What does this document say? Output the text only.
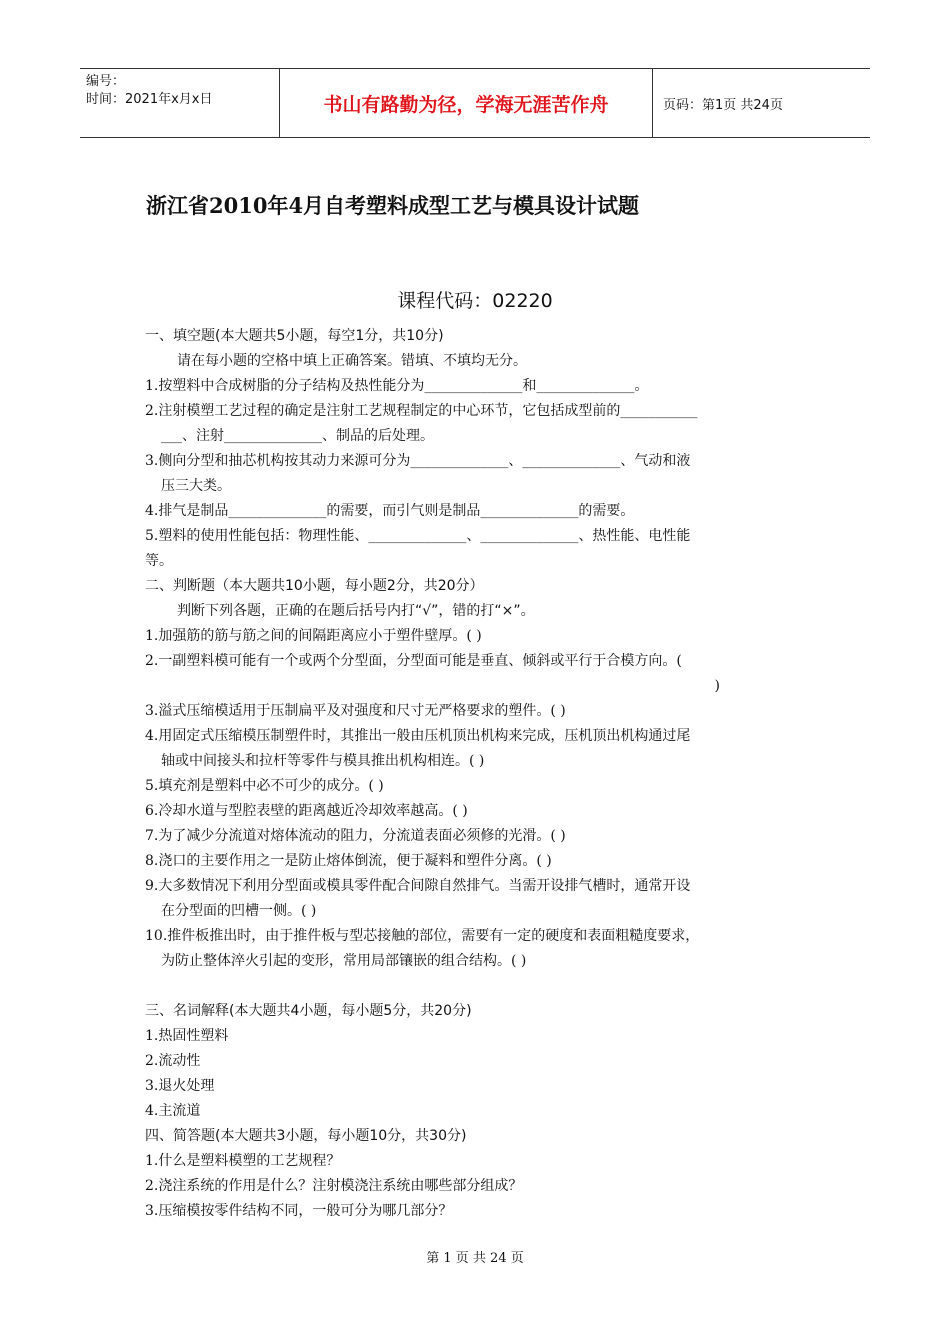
编号：
时间：2021年x月x日	书山有路勤为径，学海无涯苦作舟	页码：第1页 共24页
浙江省2010年4月自考塑料成型工艺与模具设计试题
课程代码：02220
一、填空题(本大题共5小题，每空1分，共10分)
请在每小题的空格中填上正确答案。错填、不填均无分。
1.按塑料中合成树脂的分子结构及热性能分为______________和______________。
2.注射模塑工艺过程的确定是注射工艺规程制定的中心环节，它包括成型前的___________
___、注射______________、制品的后处理。
3.侧向分型和抽芯机构按其动力来源可分为______________、______________、气动和液
压三大类。
4.排气是制品______________的需要，而引气则是制品______________的需要。
5.塑料的使用性能包括：物理性能、______________、______________、热性能、电性能
等。
二、判断题（本大题共10小题，每小题2分，共20分）
判断下列各题，正确的在题后括号内打“√”，错的打“×”。
1.加强筋的筋与筋之间的间隔距离应小于塑件壁厚。( )
2.一副塑料模可能有一个或两个分型面，分型面可能是垂直、倾斜或平行于合模方向。(
)
3.溢式压缩模适用于压制扁平及对强度和尺寸无严格要求的塑件。( )
4.用固定式压缩模压制塑件时，其推出一般由压机顶出机构来完成，压机顶出机构通过尾
轴或中间接头和拉杆等零件与模具推出机构相连。( )
5.填充剂是塑料中必不可少的成分。( )
6.冷却水道与型腔表壁的距离越近冷却效率越高。( )
7.为了减少分流道对熔体流动的阻力，分流道表面必须修的光滑。( )
8.浇口的主要作用之一是防止熔体倒流，便于凝料和塑件分离。( )
9.大多数情况下利用分型面或模具零件配合间隙自然排气。当需开设排气槽时，通常开设
在分型面的凹槽一侧。( )
10.推件板推出时，由于推件板与型芯接触的部位，需要有一定的硬度和表面粗糙度要求，
为防止整体淬火引起的变形，常用局部镶嵌的组合结构。( )
三、名词解释(本大题共4小题，每小题5分，共20分)
1.热固性塑料
2.流动性
3.退火处理
4.主流道
四、简答题(本大题共3小题，每小题10分，共30分)
1.什么是塑料模塑的工艺规程？
2.浇注系统的作用是什么？注射模浇注系统由哪些部分组成？
3.压缩模按零件结构不同，一般可分为哪几部分？
第 1 页 共 24 页
